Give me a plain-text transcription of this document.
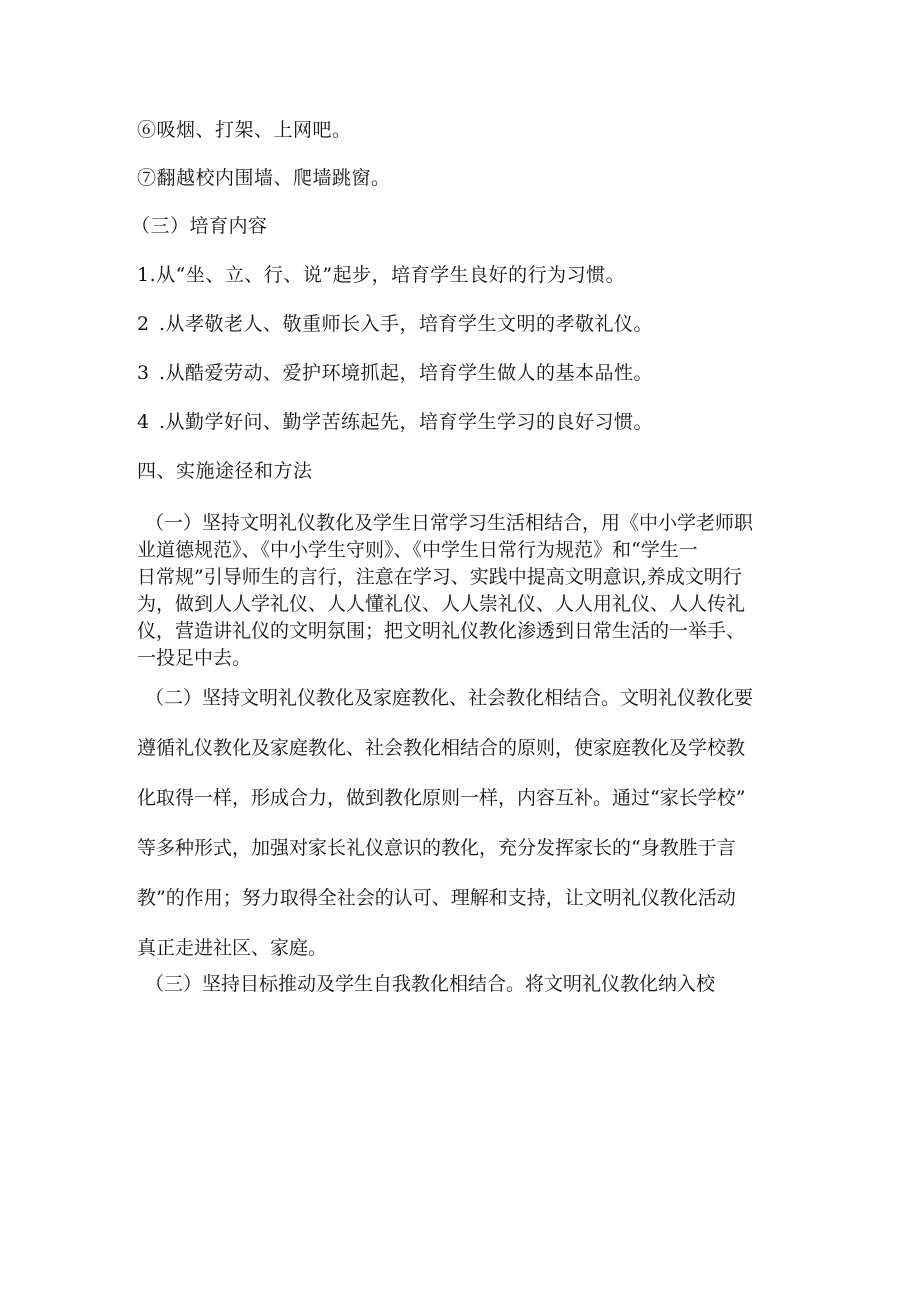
⑥吸烟、打架、上网吧。
⑦翻越校内围墙、爬墙跳窗。
（三）培育内容
1.从“坐、立、行、说”起步，培育学生良好的行为习惯。
2 .从孝敬老人、敬重师长入手，培育学生文明的孝敬礼仪。
3 .从酷爱劳动、爱护环境抓起，培育学生做人的基本品性。
4 .从勤学好问、勤学苦练起先，培育学生学习的良好习惯。
四、实施途径和方法
（一）坚持文明礼仪教化及学生日常学习生活相结合，用《中小学老师职
业道德规范》、《中小学生守则》、《中学生日常行为规范》和“学生一
日常规”引导师生的言行，注意在学习、实践中提高文明意识,养成文明行
为，做到人人学礼仪、人人懂礼仪、人人崇礼仪、人人用礼仪、人人传礼
仪，营造讲礼仪的文明氛围；把文明礼仪教化渗透到日常生活的一举手、
一投足中去。
（二）坚持文明礼仪教化及家庭教化、社会教化相结合。文明礼仪教化要
遵循礼仪教化及家庭教化、社会教化相结合的原则，使家庭教化及学校教
化取得一样，形成合力，做到教化原则一样，内容互补。通过“家长学校”
等多种形式，加强对家长礼仪意识的教化，充分发挥家长的“身教胜于言
教”的作用；努力取得全社会的认可、理解和支持，让文明礼仪教化活动
真正走进社区、家庭。
（三）坚持目标推动及学生自我教化相结合。将文明礼仪教化纳入校
